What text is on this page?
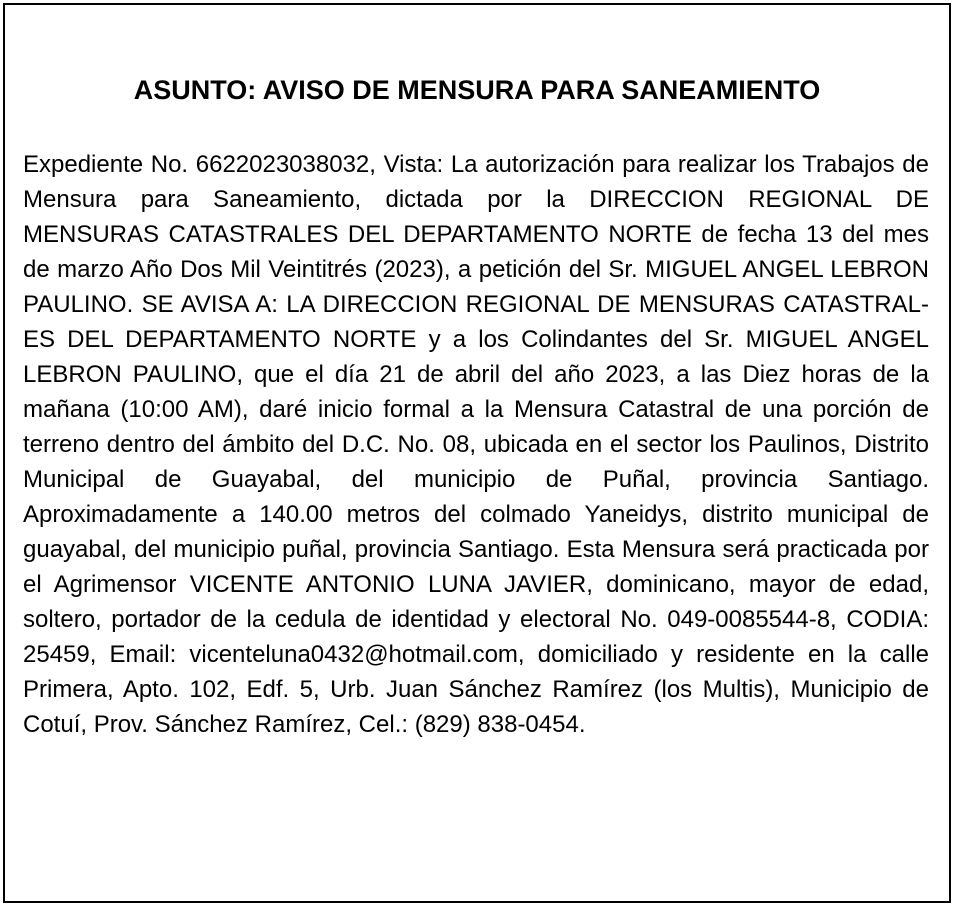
ASUNTO: AVISO DE MENSURA PARA SANEAMIENTO

Expediente No. 6622023038032, Vista: La autorización para realizar los Trabajos de Mensura para Saneamiento, dictada por la DIRECCION REGIONAL DE MENSURAS CATASTRALES DEL DEPARTAMENTO NORTE de fecha 13 del mes de marzo Año Dos Mil Veintitrés (2023), a petición del Sr. MIGUEL ANGEL LEBRON PAULINO. SE AVISA A: LA DIRECCION REGIONAL DE MENSURAS CATASTRALES DEL DEPARTAMENTO NORTE y a los Colindantes del Sr. MIGUEL ANGEL LEBRON PAULINO, que el día 21 de abril del año 2023, a las Diez horas de la mañana (10:00 AM), daré inicio formal a la Mensura Catastral de una porción de terreno dentro del ámbito del D.C. No. 08, ubicada en el sector los Paulinos, Distrito Municipal de Guayabal, del municipio de Puñal, provincia Santiago. Aproximadamente a 140.00 metros del colmado Yaneidys, distrito municipal de guayabal, del municipio puñal, provincia Santiago. Esta Mensura será practicada por el Agrimensor VICENTE ANTONIO LUNA JAVIER, dominicano, mayor de edad, soltero, portador de la cedula de identidad y electoral No. 049-0085544-8, CODIA: 25459, Email: vicenteluna0432@hotmail.com, domiciliado y residente en la calle Primera, Apto. 102, Edf. 5, Urb. Juan Sánchez Ramírez (los Multis), Municipio de Cotuí, Prov. Sánchez Ramírez, Cel.: (829) 838-0454.
